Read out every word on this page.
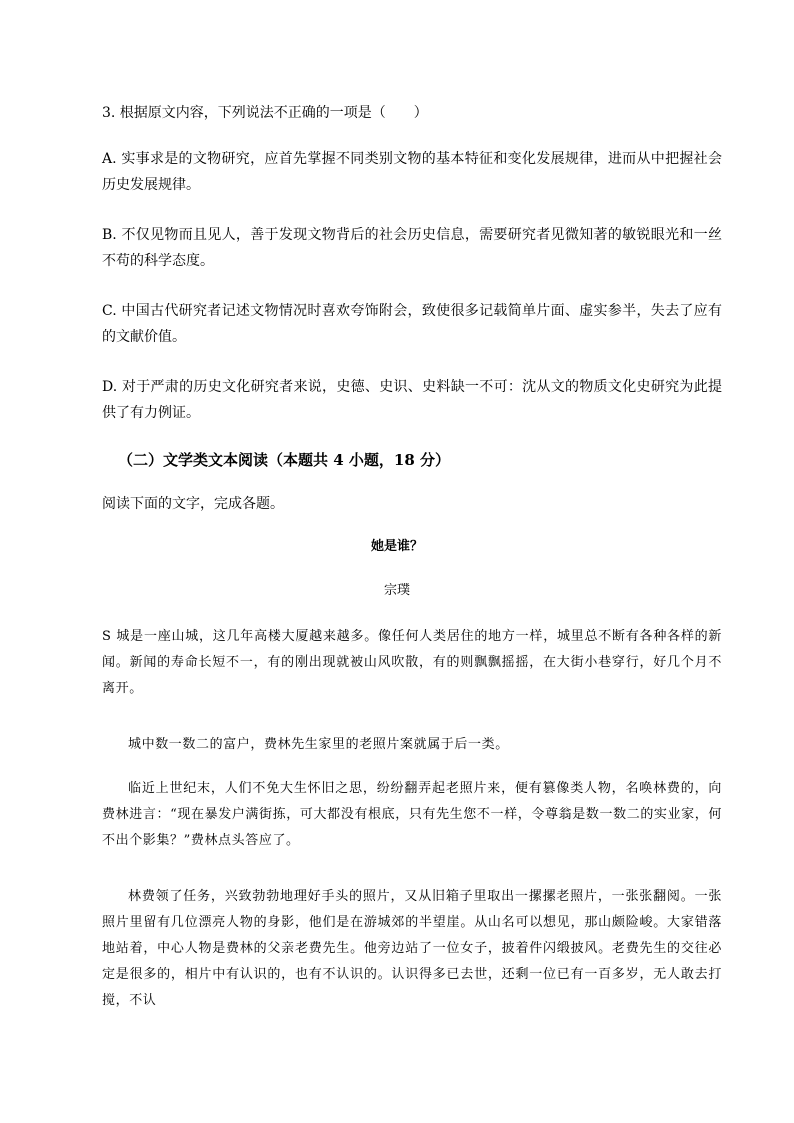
3. 根据原文内容，下列说法不正确的一项是（　　）

A. 实事求是的文物研究，应首先掌握不同类别文物的基本特征和变化发展规律，进而从中把握社会历史发展规律。

B. 不仅见物而且见人，善于发现文物背后的社会历史信息，需要研究者见微知著的敏锐眼光和一丝不苟的科学态度。

C. 中国古代研究者记述文物情况时喜欢夸饰附会，致使很多记载简单片面、虚实参半，失去了应有的文献价值。

D. 对于严肃的历史文化研究者来说，史德、史识、史料缺一不可：沈从文的物质文化史研究为此提供了有力例证。

（二）文学类文本阅读（本题共 4 小题，18 分）

阅读下面的文字，完成各题。

她是谁？

宗璞

S 城是一座山城，这几年高楼大厦越来越多。像任何人类居住的地方一样，城里总不断有各种各样的新闻。新闻的寿命长短不一，有的刚出现就被山风吹散，有的则飘飘摇摇，在大街小巷穿行，好几个月不离开。

城中数一数二的富户，费林先生家里的老照片案就属于后一类。

临近上世纪末，人们不免大生怀旧之思，纷纷翻弄起老照片来，便有篡像类人物，名唤林费的，向费林进言：“现在暴发户满街拣，可大都没有根底，只有先生您不一样，令尊翁是数一数二的实业家，何不出个影集？”费林点头答应了。

林费领了任务，兴致勃勃地理好手头的照片，又从旧箱子里取出一摞摞老照片，一张张翻阅。一张照片里留有几位漂亮人物的身影，他们是在游城郊的半望崖。从山名可以想见，那山颇险峻。大家错落地站着，中心人物是费林的父亲老费先生。他旁边站了一位女子，披着件闪缎披风。老费先生的交往必定是很多的，相片中有认识的，也有不认识的。认识得多已去世，还剩一位已有一百多岁，无人敢去打搅，不认
